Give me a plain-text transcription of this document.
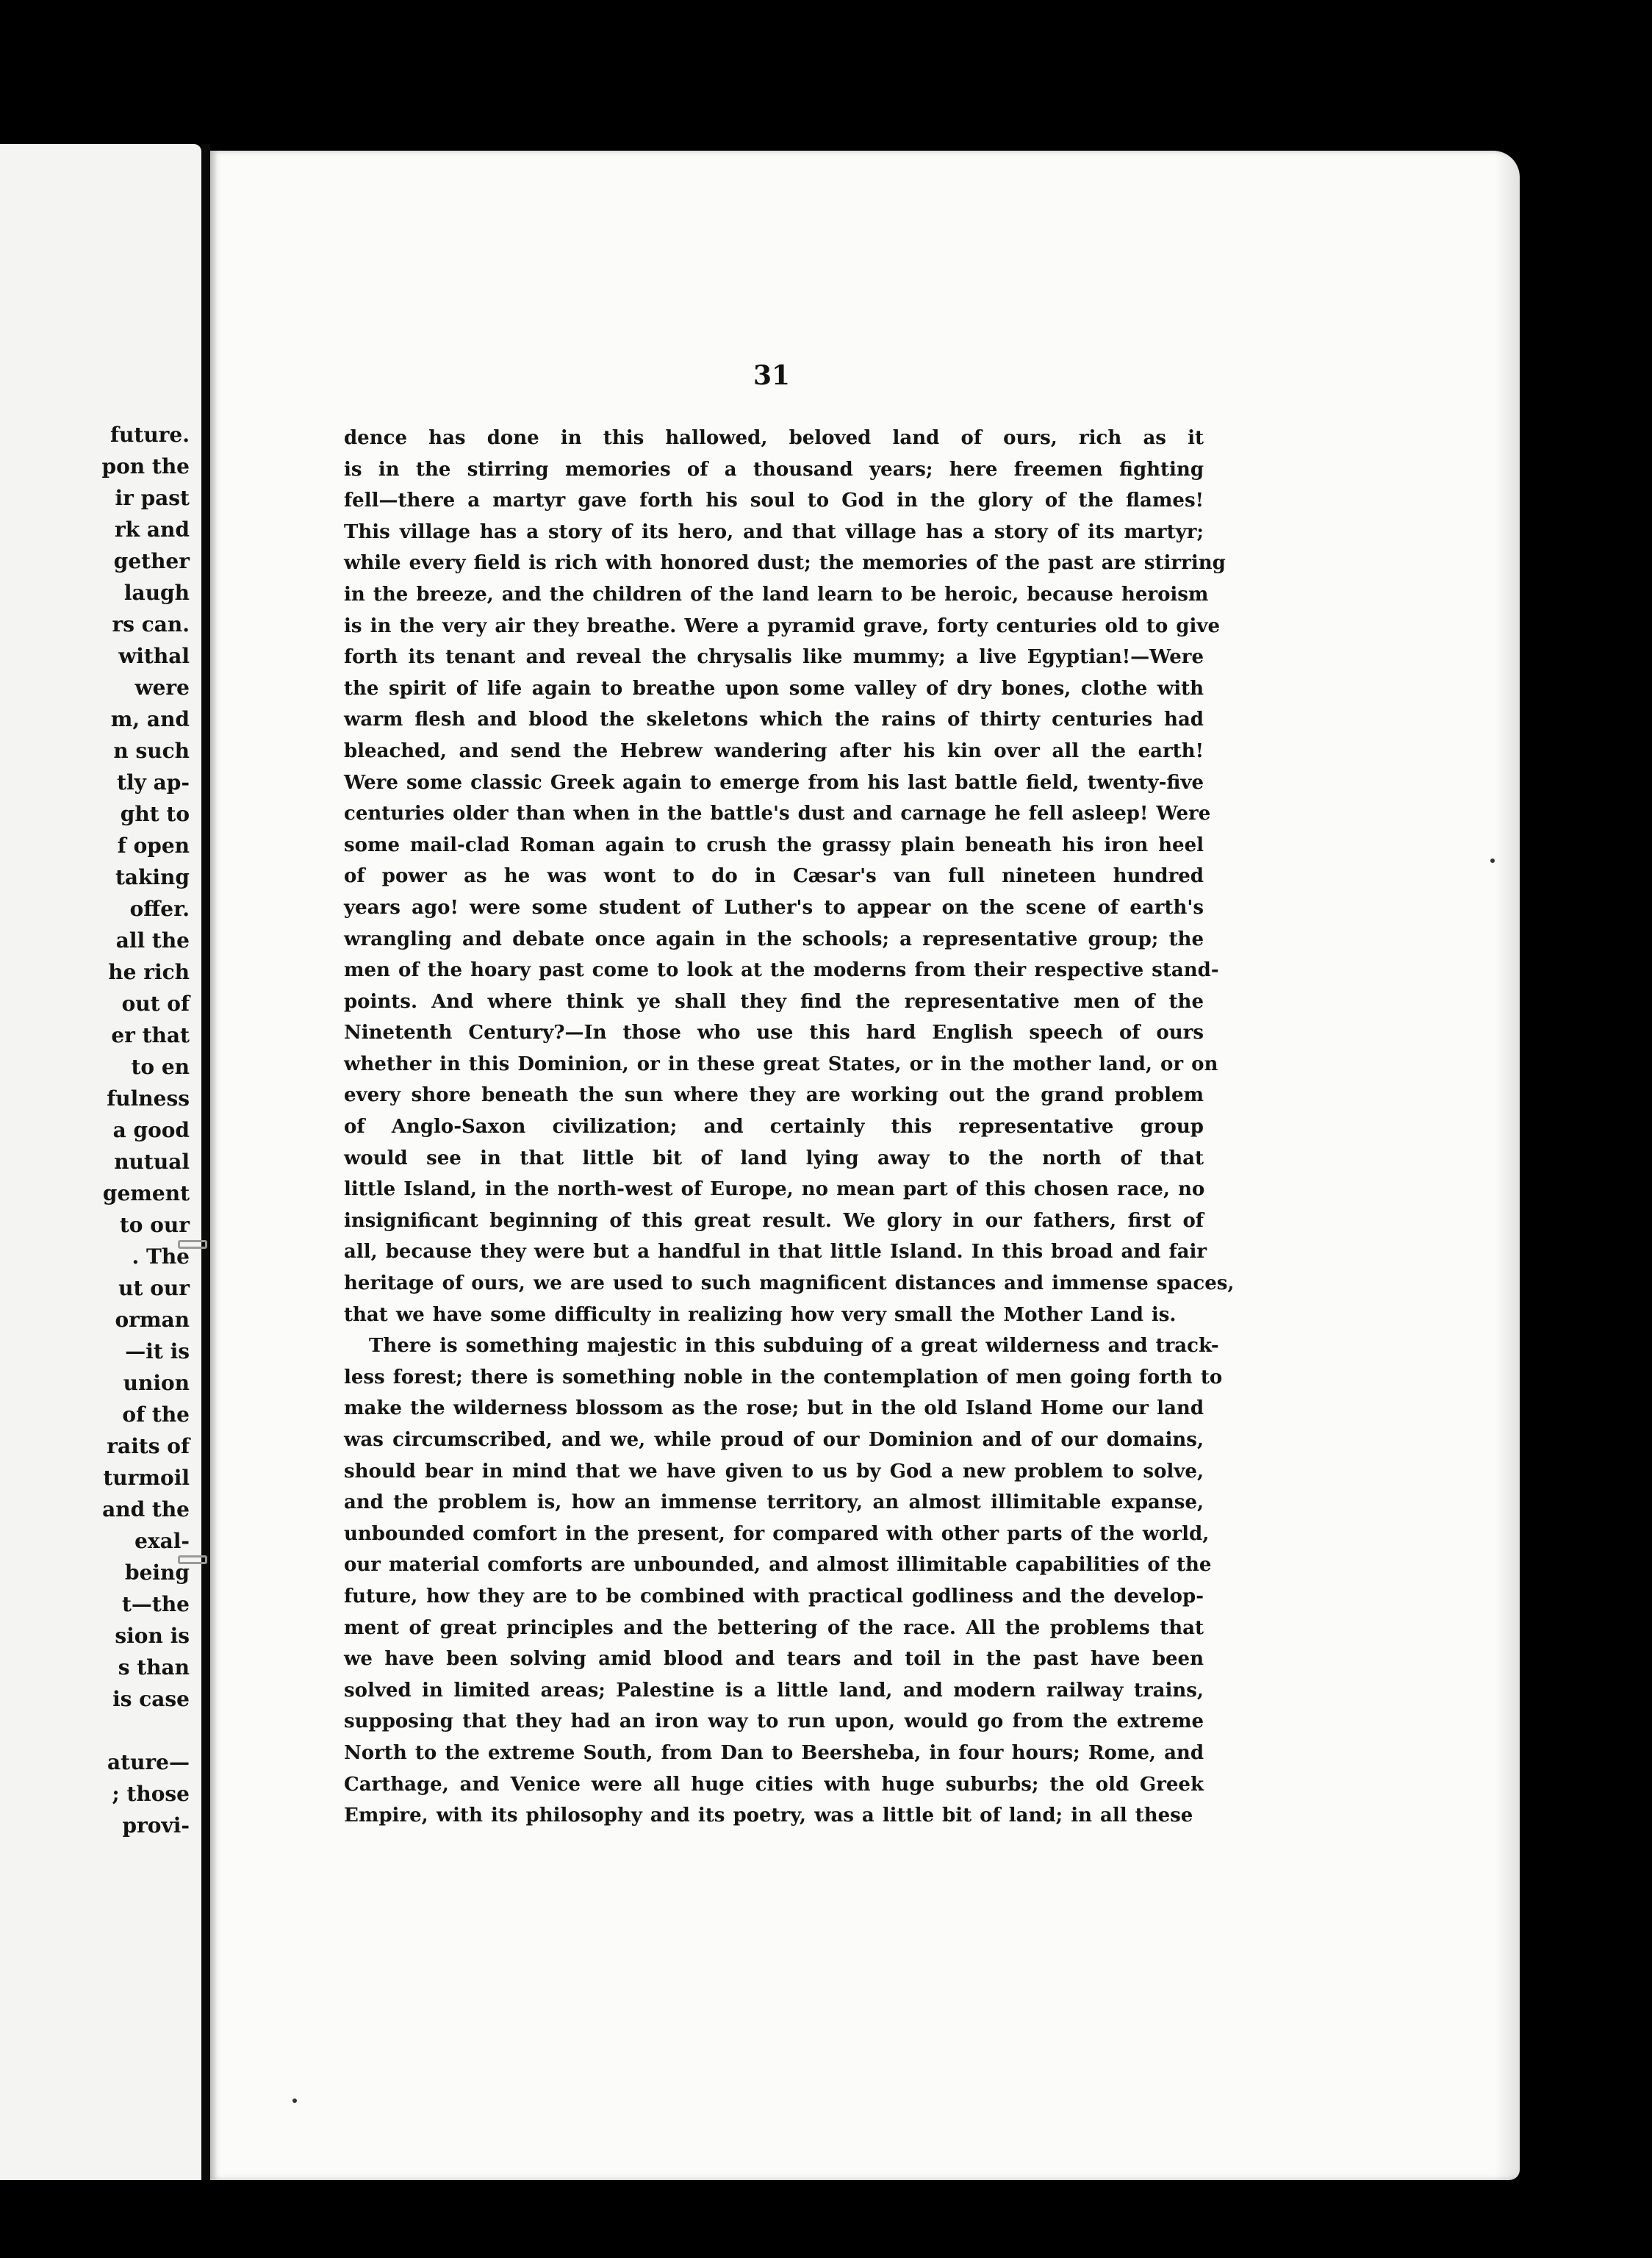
future.
pon the
ir past
rk and
gether
laugh
rs can.
withal
were
m, and
n such
tly ap-
ght to
f open
taking
offer.
all the
he rich
out of
er that
to en
fulness
a good
nutual
gement
to our
. The
ut our
orman
—it is
union
of the
raits of
turmoil
and the
exal-
being
t—the
sion is
s than
is case
ature—
; those
provi-
31
dence has done in this hallowed, beloved land of ours, rich as it
is in the stirring memories of a thousand years; here freemen fighting
fell—there a martyr gave forth his soul to God in the glory of the flames!
This village has a story of its hero, and that village has a story of its martyr;
while every field is rich with honored dust; the memories of the past are stirring
in the breeze, and the children of the land learn to be heroic, because heroism
is in the very air they breathe. Were a pyramid grave, forty centuries old to give
forth its tenant and reveal the chrysalis like mummy; a live Egyptian!—Were
the spirit of life again to breathe upon some valley of dry bones, clothe with
warm flesh and blood the skeletons which the rains of thirty centuries had
bleached, and send the Hebrew wandering after his kin over all the earth!
Were some classic Greek again to emerge from his last battle field, twenty-five
centuries older than when in the battle's dust and carnage he fell asleep! Were
some mail-clad Roman again to crush the grassy plain beneath his iron heel
of power as he was wont to do in Cæsar's van full nineteen hundred
years ago! were some student of Luther's to appear on the scene of earth's
wrangling and debate once again in the schools; a representative group; the
men of the hoary past come to look at the moderns from their respective stand-
points. And where think ye shall they find the representative men of the
Ninetenth Century?—In those who use this hard English speech of ours
whether in this Dominion, or in these great States, or in the mother land, or on
every shore beneath the sun where they are working out the grand problem
of Anglo-Saxon civilization; and certainly this representative group
would see in that little bit of land lying away to the north of that
little Island, in the north-west of Europe, no mean part of this chosen race, no
insignificant beginning of this great result. We glory in our fathers, first of
all, because they were but a handful in that little Island. In this broad and fair
heritage of ours, we are used to such magnificent distances and immense spaces,
that we have some difficulty in realizing how very small the Mother Land is.
There is something majestic in this subduing of a great wilderness and track-
less forest; there is something noble in the contemplation of men going forth to
make the wilderness blossom as the rose; but in the old Island Home our land
was circumscribed, and we, while proud of our Dominion and of our domains,
should bear in mind that we have given to us by God a new problem to solve,
and the problem is, how an immense territory, an almost illimitable expanse,
unbounded comfort in the present, for compared with other parts of the world,
our material comforts are unbounded, and almost illimitable capabilities of the
future, how they are to be combined with practical godliness and the develop-
ment of great principles and the bettering of the race. All the problems that
we have been solving amid blood and tears and toil in the past have been
solved in limited areas; Palestine is a little land, and modern railway trains,
supposing that they had an iron way to run upon, would go from the extreme
North to the extreme South, from Dan to Beersheba, in four hours; Rome, and
Carthage, and Venice were all huge cities with huge suburbs; the old Greek
Empire, with its philosophy and its poetry, was a little bit of land; in all these
